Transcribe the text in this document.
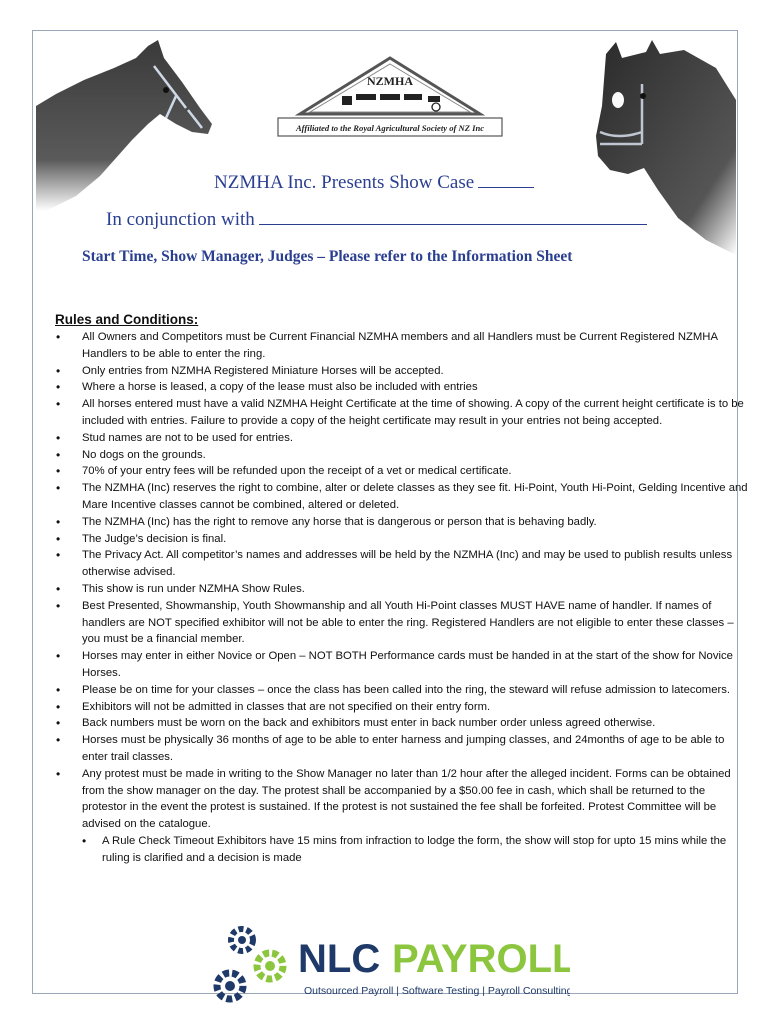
NZMHA
Affiliated to the Royal Agricultural Society of NZ Inc
NZMHA Inc. Presents Show Case
In conjunction with
Start Time, Show Manager, Judges – Please refer to the Information Sheet
Rules and Conditions:
• All Owners and Competitors must be Current Financial NZMHA members and all Handlers must be Current Registered NZMHA Handlers to be able to enter the ring.
• Only entries from NZMHA Registered Miniature Horses will be accepted.
• Where a horse is leased, a copy of the lease must also be included with entries
• All horses entered must have a valid NZMHA Height Certificate at the time of showing. A copy of the current height certificate is to be included with entries. Failure to provide a copy of the height certificate may result in your entries not being accepted.
• Stud names are not to be used for entries.
• No dogs on the grounds.
• 70% of your entry fees will be refunded upon the receipt of a vet or medical certificate.
• The NZMHA (Inc) reserves the right to combine, alter or delete classes as they see fit. Hi-Point, Youth Hi-Point, Gelding Incentive and Mare Incentive classes cannot be combined, altered or deleted.
• The NZMHA (Inc) has the right to remove any horse that is dangerous or person that is behaving badly.
• The Judge’s decision is final.
• The Privacy Act. All competitor’s names and addresses will be held by the NZMHA (Inc) and may be used to publish results unless otherwise advised.
• This show is run under NZMHA Show Rules.
• Best Presented, Showmanship, Youth Showmanship and all Youth Hi-Point classes MUST HAVE name of handler. If names of handlers are NOT specified exhibitor will not be able to enter the ring. Registered Handlers are not eligible to enter these classes – you must be a financial member.
• Horses may enter in either Novice or Open – NOT BOTH Performance cards must be handed in at the start of the show for Novice Horses.
• Please be on time for your classes – once the class has been called into the ring, the steward will refuse admission to latecomers.
• Exhibitors will not be admitted in classes that are not specified on their entry form.
• Back numbers must be worn on the back and exhibitors must enter in back number order unless agreed otherwise.
• Horses must be physically 36 months of age to be able to enter harness and jumping classes, and 24months of age to be able to enter trail classes.
• Any protest must be made in writing to the Show Manager no later than 1/2 hour after the alleged incident. Forms can be obtained from the show manager on the day. The protest shall be accompanied by a $50.00 fee in cash, which shall be returned to the protestor in the event the protest is sustained. If the protest is not sustained the fee shall be forfeited. Protest Committee will be advised on the catalogue.
• A Rule Check Timeout Exhibitors have 15 mins from infraction to lodge the form, the show will stop for upto 15 mins while the ruling is clarified and a decision is made
NLC PAYROLL
Outsourced Payroll | Software Testing | Payroll Consulting
